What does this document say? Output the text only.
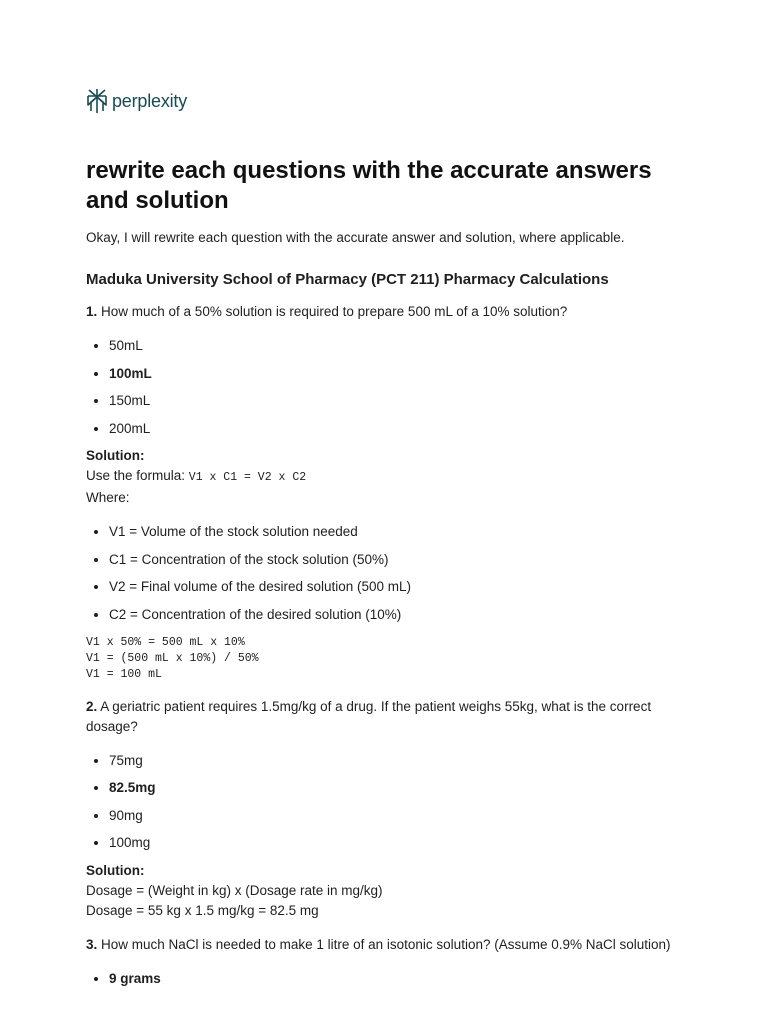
perplexity
rewrite each questions with the accurate answers and solution

Okay, I will rewrite each question with the accurate answer and solution, where applicable.

Maduka University School of Pharmacy (PCT 211) Pharmacy Calculations

1. How much of a 50% solution is required to prepare 500 mL of a 10% solution?

• 50mL
• 100mL
• 150mL
• 200mL

Solution:

Use the formula: V1 x C1 = V2 x C2

Where:

• V1 = Volume of the stock solution needed
• C1 = Concentration of the stock solution (50%)
• V2 = Final volume of the desired solution (500 mL)
• C2 = Concentration of the desired solution (10%)
V1 x 50% = 500 mL x 10%
V1 = (500 mL x 10%) / 50%
V1 = 100 mL

2. A geriatric patient requires 1.5mg/kg of a drug. If the patient weighs 55kg, what is the correct dosage?

• 75mg
• 82.5mg
• 90mg
• 100mg

Solution:

Dosage = (Weight in kg) x (Dosage rate in mg/kg)

Dosage = 55 kg x 1.5 mg/kg = 82.5 mg

3. How much NaCl is needed to make 1 litre of an isotonic solution? (Assume 0.9% NaCl solution)

• 9 grams
